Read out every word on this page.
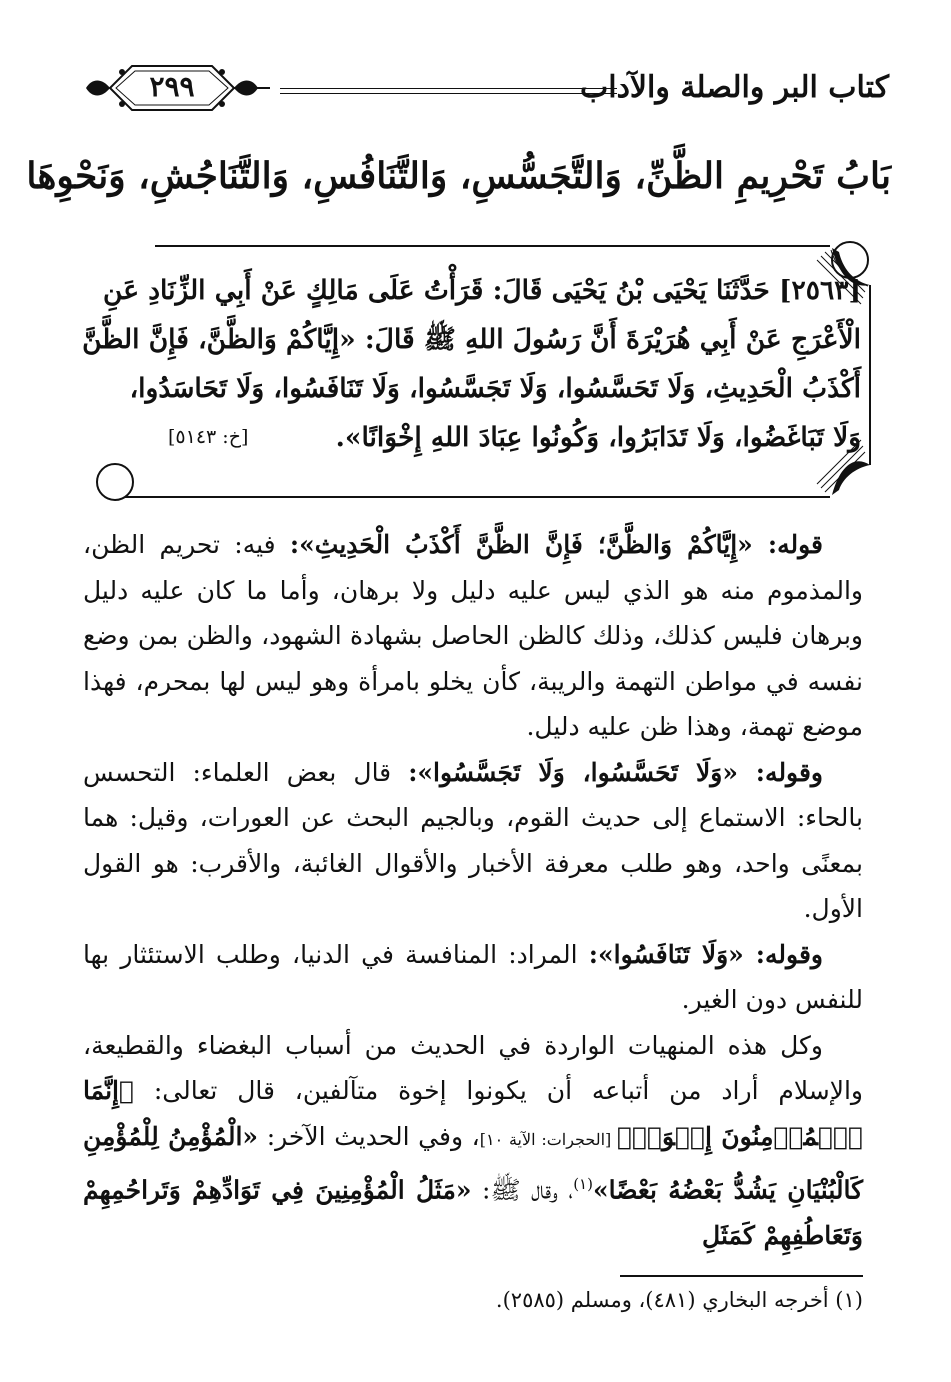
كتاب البر والصلة والآداب
٢٩٩
بَابُ تَحْرِيمِ الظَّنِّ، وَالتَّجَسُّسِ، وَالتَّنَافُسِ، وَالتَّنَاجُشِ، وَنَحْوِهَا
[٢٥٦٣] حَدَّثَنَا يَحْيَى بْنُ يَحْيَى قَالَ: قَرَأْتُ عَلَى مَالِكٍ عَنْ أَبِي الزِّنَادِ عَنِ
الْأَعْرَجِ عَنْ أَبِي هُرَيْرَةَ أَنَّ رَسُولَ اللهِ ﷺ قَالَ: «إِيَّاكُمْ وَالظَّنَّ، فَإِنَّ الظَّنَّ
أَكْذَبُ الْحَدِيثِ، وَلَا تَحَسَّسُوا، وَلَا تَجَسَّسُوا، وَلَا تَنَافَسُوا، وَلَا تَحَاسَدُوا،
وَلَا تَبَاغَضُوا، وَلَا تَدَابَرُوا، وَكُونُوا عِبَادَ اللهِ إِخْوَانًا».
[خ: ٥١٤٣]

قوله: «إِيَّاكُمْ وَالظَّنَّ؛ فَإِنَّ الظَّنَّ أَكْذَبُ الْحَدِيثِ»: فيه: تحريم الظن، والمذموم منه هو الذي ليس عليه دليل ولا برهان، وأما ما كان عليه دليل وبرهان فليس كذلك، وذلك كالظن الحاصل بشهادة الشهود، والظن بمن وضع نفسه في مواطن التهمة والريبة، كأن يخلو بامرأة وهو ليس لها بمحرم، فهذا موضع تهمة، وهذا ظن عليه دليل.

وقوله: «وَلَا تَحَسَّسُوا، وَلَا تَجَسَّسُوا»: قال بعض العلماء: التحسس بالحاء: الاستماع إلى حديث القوم، وبالجيم البحث عن العورات، وقيل: هما بمعنًى واحد، وهو طلب معرفة الأخبار والأقوال الغائبة، والأقرب: هو القول الأول.

وقوله: «وَلَا تَنَافَسُوا»: المراد: المنافسة في الدنيا، وطلب الاستئثار بها للنفس دون الغير.

وكل هذه المنهيات الواردة في الحديث من أسباب البغضاء والقطيعة، والإسلام أراد من أتباعه أن يكونوا إخوة متآلفين، قال تعالى: ﴿إِنَّمَا ٱلۡمُؤۡمِنُونَ إِخۡوَةٞ﴾ [الحجرات: الآية ١٠]، وفي الحديث الآخر: «الْمُؤْمِنُ لِلْمُؤْمِنِ كَالْبُنْيَانِ يَشُدُّ بَعْضُهُ بَعْضًا»$^{(١)}$، وقال ﷺ: «مَثَلُ الْمُؤْمِنِينَ فِي تَوَادِّهِمْ وَتَراحُمِهِمْ وَتَعَاطُفِهِمْ كَمَثَلِ

(١) أخرجه البخاري (٤٨١)، ومسلم (٢٥٨٥).
